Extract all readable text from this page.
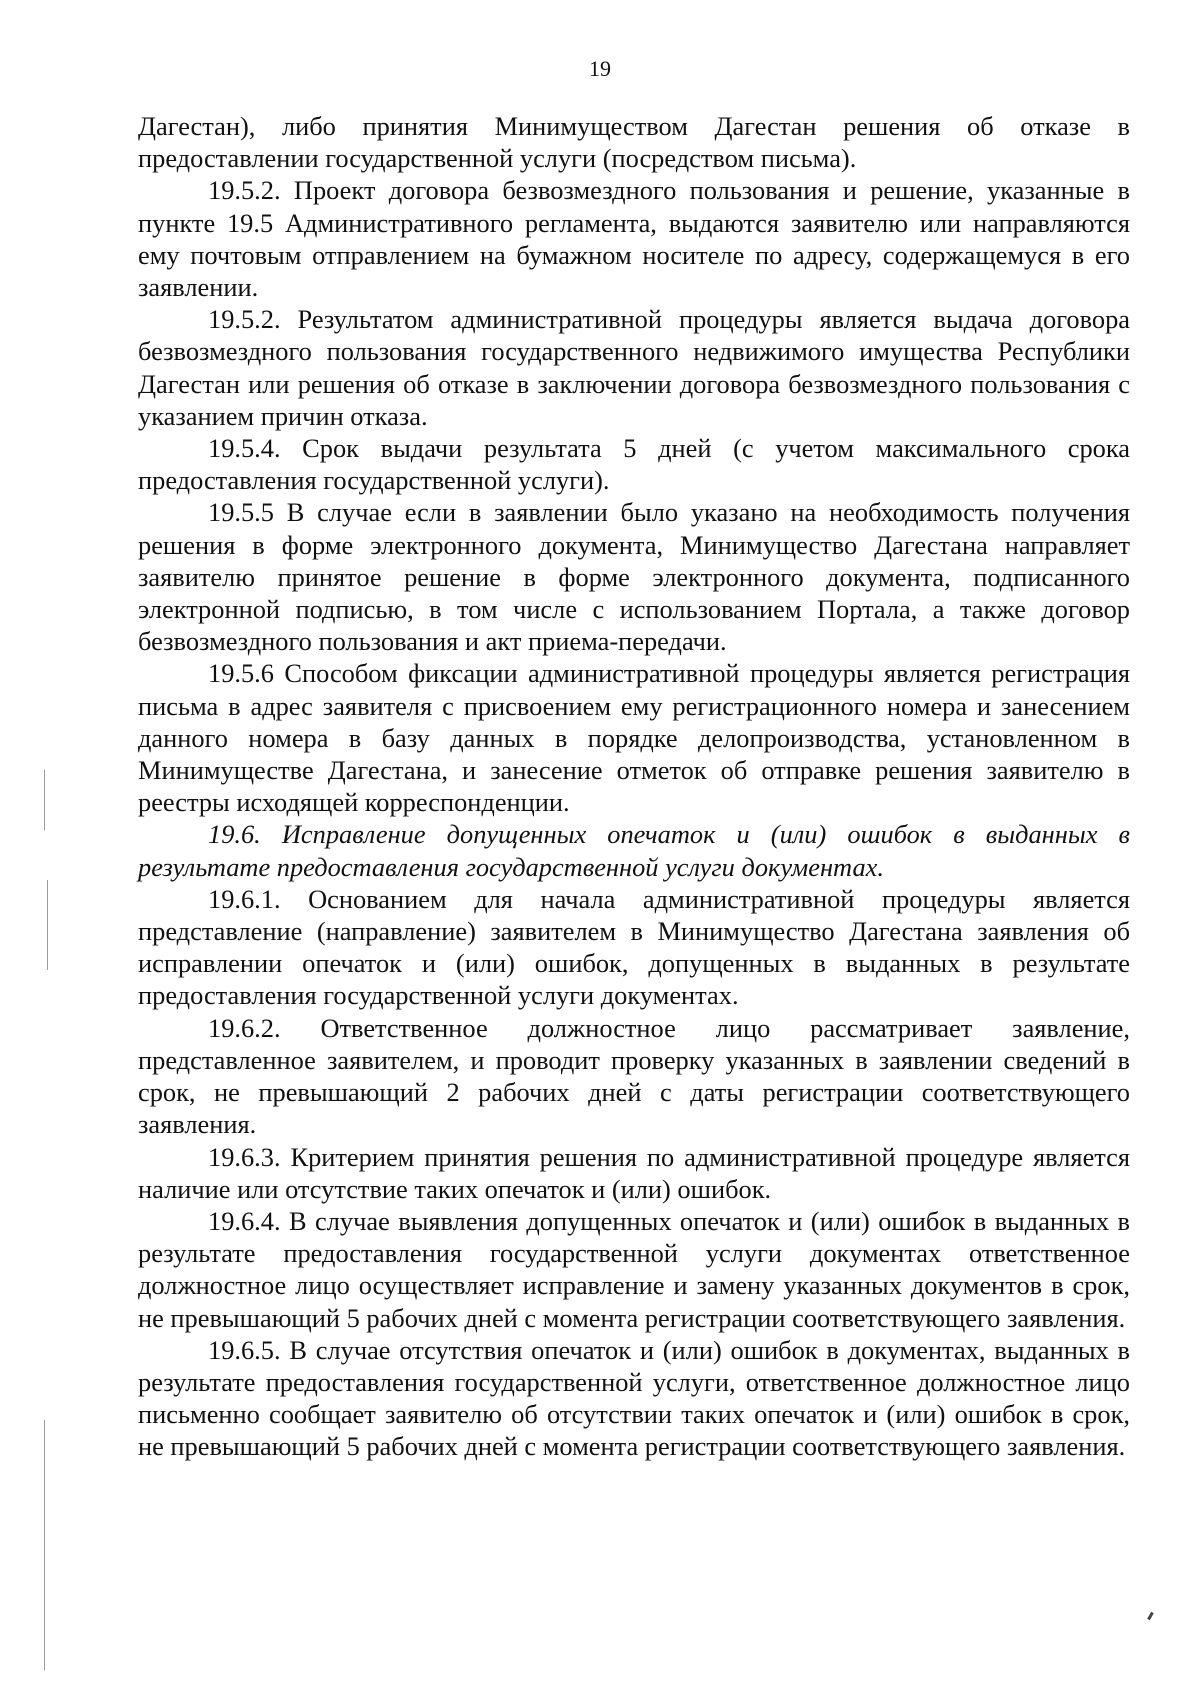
19

Дагестан), либо принятия Минимуществом Дагестан решения об отказе в предоставлении государственной услуги (посредством письма).

19.5.2. Проект договора безвозмездного пользования и решение, указанные в пункте 19.5 Административного регламента, выдаются заявителю или направляются ему почтовым отправлением на бумажном носителе по адресу, содержащемуся в его заявлении.

19.5.2. Результатом административной процедуры является выдача договора безвозмездного пользования государственного недвижимого имущества Республики Дагестан или решения об отказе в заключении договора безвозмездного пользования с указанием причин отказа.

19.5.4. Срок выдачи результата 5 дней (с учетом максимального срока предоставления государственной услуги).

19.5.5 В случае если в заявлении было указано на необходимость получения решения в форме электронного документа, Минимущество Дагестана направляет заявителю принятое решение в форме электронного документа, подписанного электронной подписью, в том числе с использованием Портала, а также договор безвозмездного пользования и акт приема-передачи.

19.5.6 Способом фиксации административной процедуры является регистрация письма в адрес заявителя с присвоением ему регистрационного номера и занесением данного номера в базу данных в порядке делопроизводства, установленном в Минимуществе Дагестана, и занесение отметок об отправке решения заявителю в реестры исходящей корреспонденции.

19.6. Исправление допущенных опечаток и (или) ошибок в выданных в результате предоставления государственной услуги документах.

19.6.1. Основанием для начала административной процедуры является представление (направление) заявителем в Минимущество Дагестана заявления об исправлении опечаток и (или) ошибок, допущенных в выданных в результате предоставления государственной услуги документах.

19.6.2. Ответственное должностное лицо рассматривает заявление, представленное заявителем, и проводит проверку указанных в заявлении сведений в срок, не превышающий 2 рабочих дней с даты регистрации соответствующего заявления.

19.6.3. Критерием принятия решения по административной процедуре является наличие или отсутствие таких опечаток и (или) ошибок.

19.6.4. В случае выявления допущенных опечаток и (или) ошибок в выданных в результате предоставления государственной услуги документах ответственное должностное лицо осуществляет исправление и замену указанных документов в срок, не превышающий 5 рабочих дней с момента регистрации соответствующего заявления.

19.6.5. В случае отсутствия опечаток и (или) ошибок в документах, выданных в результате предоставления государственной услуги, ответственное должностное лицо письменно сообщает заявителю об отсутствии таких опечаток и (или) ошибок в срок, не превышающий 5 рабочих дней с момента регистрации соответствующего заявления.
